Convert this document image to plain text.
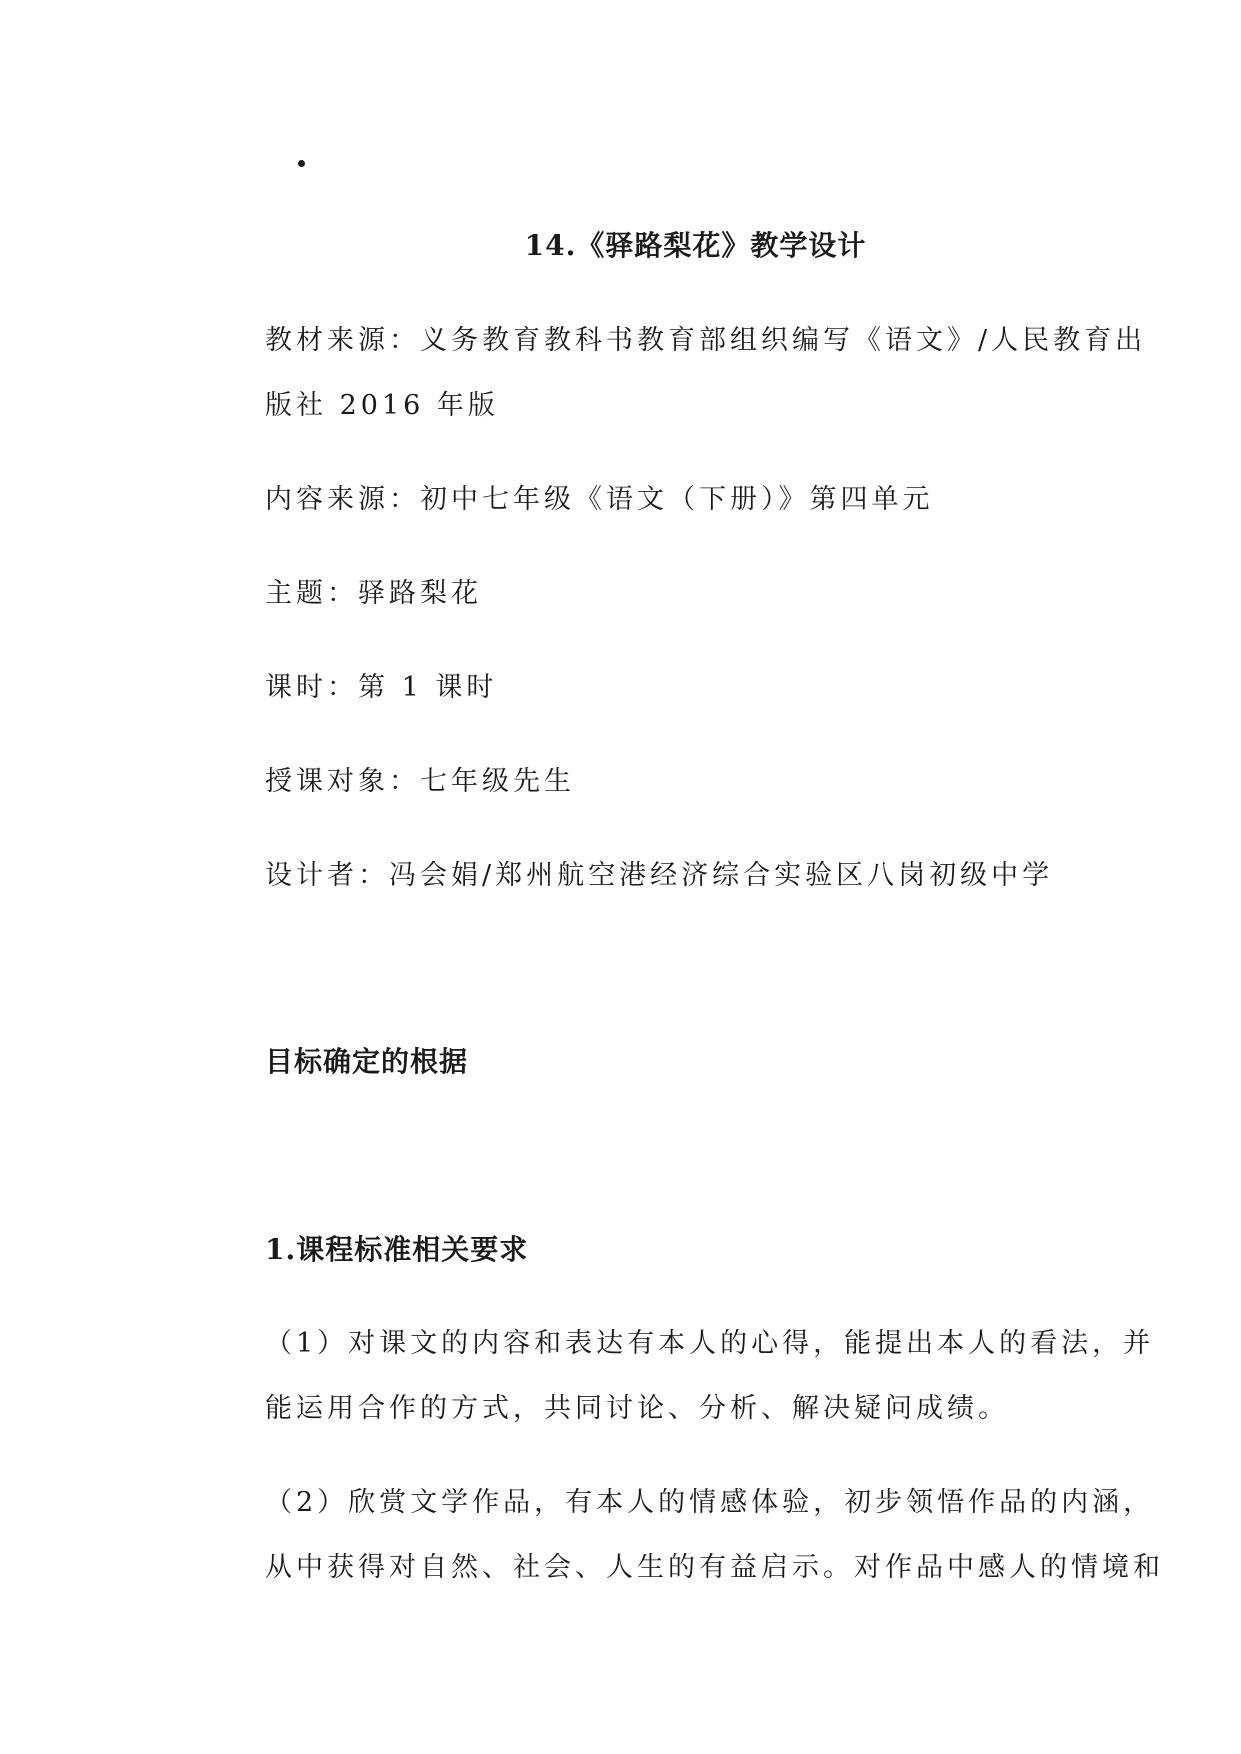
14.《驿路梨花》教学设计
教材来源：义务教育教科书教育部组织编写《语文》/人民教育出
版社 2016 年版
内容来源：初中七年级《语文（下册）》第四单元
主题：驿路梨花
课时：第 1 课时
授课对象：七年级先生
设计者：冯会娟/郑州航空港经济综合实验区八岗初级中学
目标确定的根据
1.课程标准相关要求
（1）对课文的内容和表达有本人的心得，能提出本人的看法，并
能运用合作的方式，共同讨论、分析、解决疑问成绩。
（2）欣赏文学作品，有本人的情感体验，初步领悟作品的内涵，
从中获得对自然、社会、人生的有益启示。对作品中感人的情境和
